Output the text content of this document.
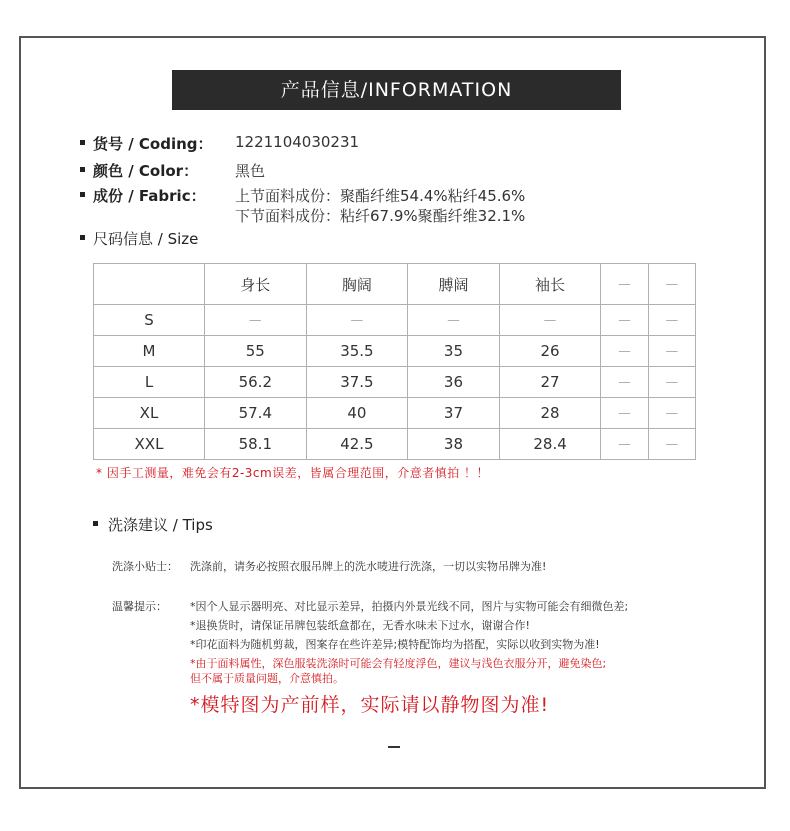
产品信息/INFORMATION
货号 / Coding： 1221104030231
颜色 / Color： 黑色
成份 / Fabric： 上节面料成份：聚酯纤维54.4%粘纤45.6%
下节面料成份：粘纤67.9%聚酯纤维32.1%
尺码信息 / Size
	身长	胸阔	膊阔	袖长	－	－
S	－	－	－	－	－	－
M	55	35.5	35	26	－	－
L	56.2	37.5	36	27	－	－
XL	57.4	40	37	28	－	－
XXL	58.1	42.5	38	28.4	－	－
* 因手工测量，难免会有2-3cm误差，皆属合理范围，介意者慎拍 ！！
洗涤建议 / Tips
洗涤小贴士： 洗涤前，请务必按照衣服吊牌上的洗水唛进行洗涤，一切以实物吊牌为准!
温馨提示： *因个人显示器明亮、对比显示差异，拍摄内外景光线不同，图片与实物可能会有细微色差;
*退换货时，请保证吊牌包装纸盒都在，无香水味未下过水，谢谢合作!
*印花面料为随机剪裁，图案存在些许差异;模特配饰均为搭配，实际以收到实物为准!
*由于面料属性，深色服装洗涤时可能会有轻度浮色，建议与浅色衣服分开，避免染色;
但不属于质量问题，介意慎拍。
*模特图为产前样，实际请以静物图为准!
